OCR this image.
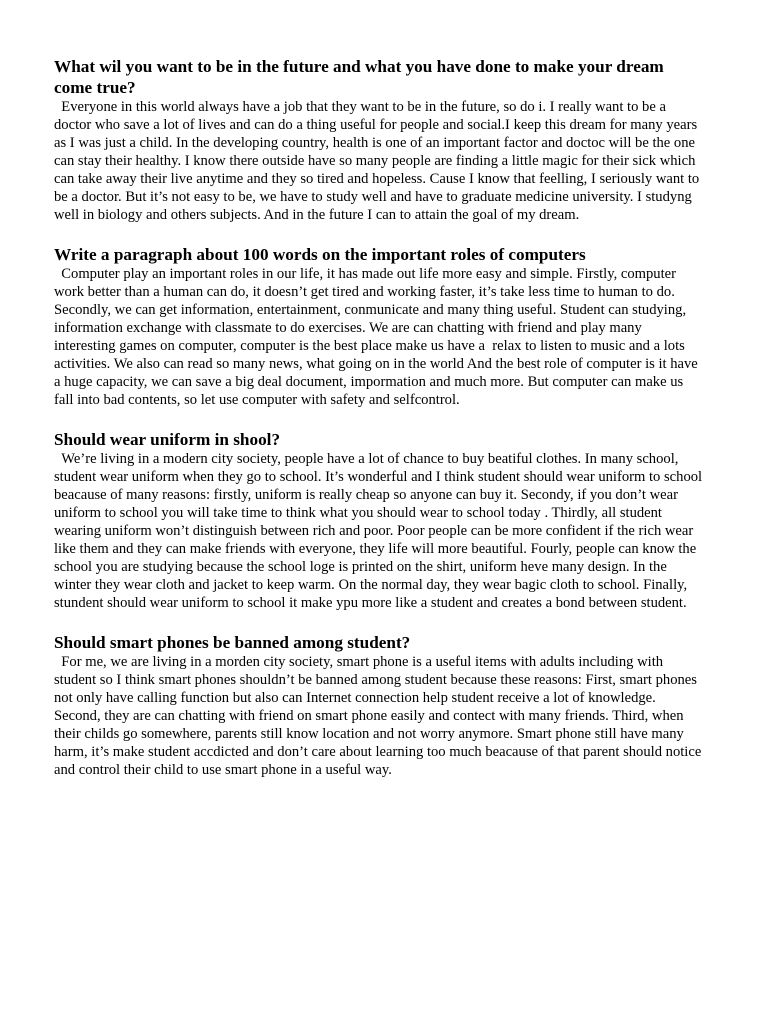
What wil you want to be in the future and what you have done to make your dream come true?

Everyone in this world always have a job that they want to be in the future, so do i. I really want to be a doctor who save a lot of lives and can do a thing useful for people and social.I keep this dream for many years as I was just a child. In the developing country, health is one of an important factor and doctoc will be the one can stay their healthy. I know there outside have so many people are finding a little magic for their sick which can take away their live anytime and they so tired and hopeless. Cause I know that feelling, I seriously want to be a doctor. But it’s not easy to be, we have to study well and have to graduate medicine university. I studyng well in biology and others subjects. And in the future I can to attain the goal of my dream.

Write a paragraph about 100 words on the important roles of computers

Computer play an important roles in our life, it has made out life more easy and simple. Firstly, computer work better than a human can do, it doesn’t get tired and working faster, it’s take less time to human to do. Secondly, we can get information, entertainment, conmunicate and many thing useful. Student can studying, information exchange with classmate to do exercises. We are can chatting with friend and play many interesting games on computer, computer is the best place make us have a  relax to listen to music and a lots activities. We also can read so many news, what going on in the world And the best role of computer is it have a huge capacity, we can save a big deal document, impormation and much more. But computer can make us fall into bad contents, so let use computer with safety and selfcontrol.

Should wear uniform in shool?

We’re living in a modern city society, people have a lot of chance to buy beatiful clothes. In many school, student wear uniform when they go to school. It’s wonderful and I think student should wear uniform to school beacause of many reasons: firstly, uniform is really cheap so anyone can buy it. Secondy, if you don’t wear uniform to school you will take time to think what you should wear to school today . Thirdly, all student wearing uniform won’t distinguish between rich and poor. Poor people can be more confident if the rich wear like them and they can make friends with everyone, they life will more beautiful. Fourly, people can know the school you are studying because the school loge is printed on the shirt, uniform heve many design. In the winter they wear cloth and jacket to keep warm. On the normal day, they wear bagic cloth to school. Finally, stundent should wear uniform to school it make ypu more like a student and creates a bond between student.

Should smart phones be banned among student?

For me, we are living in a morden city society, smart phone is a useful items with adults including with student so I think smart phones shouldn’t be banned among student because these reasons: First, smart phones not only have calling function but also can Internet connection help student receive a lot of knowledge. Second, they are can chatting with friend on smart phone easily and contect with many friends. Third, when their childs go somewhere, parents still know location and not worry anymore. Smart phone still have many harm, it’s make student accdicted and don’t care about learning too much beacause of that parent should notice and control their child to use smart phone in a useful way.
